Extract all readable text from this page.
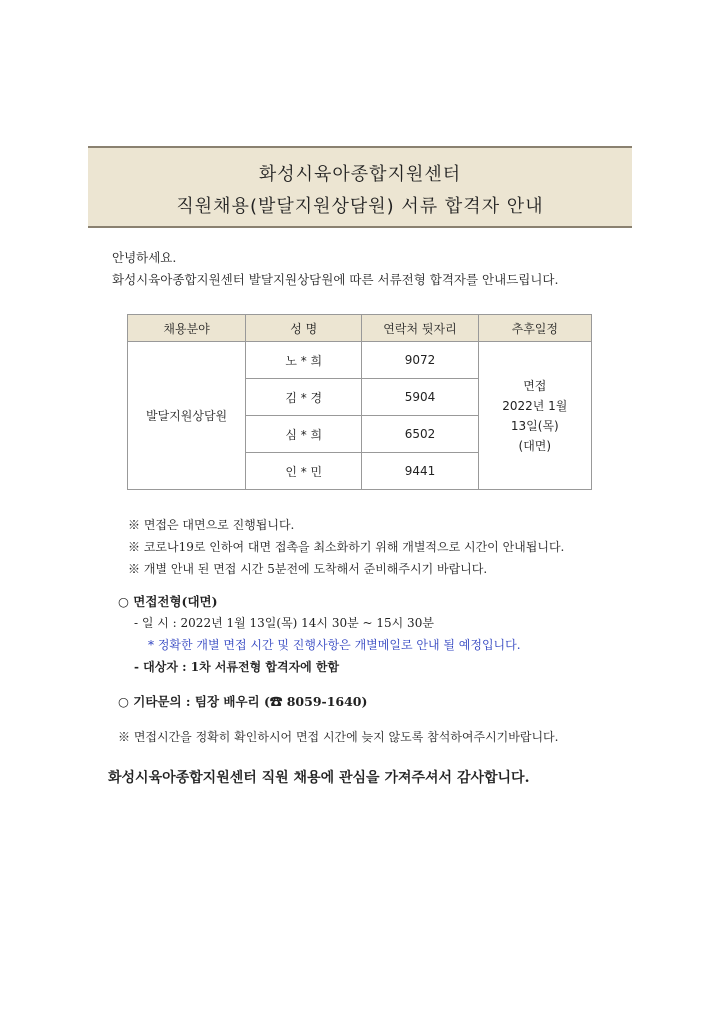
화성시육아종합지원센터
직원채용(발달지원상담원) 서류 합격자 안내
안녕하세요.
화성시육아종합지원센터 발달지원상담원에 따른 서류전형 합격자를 안내드립니다.
채용분야	성 명	연락처 뒷자리	추후일정
발달지원상담원	노 * 희	9072	면접
2022년 1월
13일(목)
(대면)

	김 * 경	5904	
	심 * 희	6502	
	인 * 민	9441	
※ 면접은 대면으로 진행됩니다.
※ 코로나19로 인하여 대면 접촉을 최소화하기 위해 개별적으로 시간이 안내됩니다.
※ 개별 안내 된 면접 시간 5분전에 도착해서 준비해주시기 바랍니다.
○ 면접전형(대면)
- 일 시 : 2022년 1월 13일(목) 14시 30분 ~ 15시 30분
* 정확한 개별 면접 시간 및 진행사항은 개별메일로 안내 될 예정입니다.
- 대상자 : 1차 서류전형 합격자에 한함
○ 기타문의 : 팀장 배우리 (☎ 8059-1640)
※ 면접시간을 정확히 확인하시어 면접 시간에 늦지 않도록 참석하여주시기바랍니다.
화성시육아종합지원센터 직원 채용에 관심을 가져주셔서 감사합니다.
